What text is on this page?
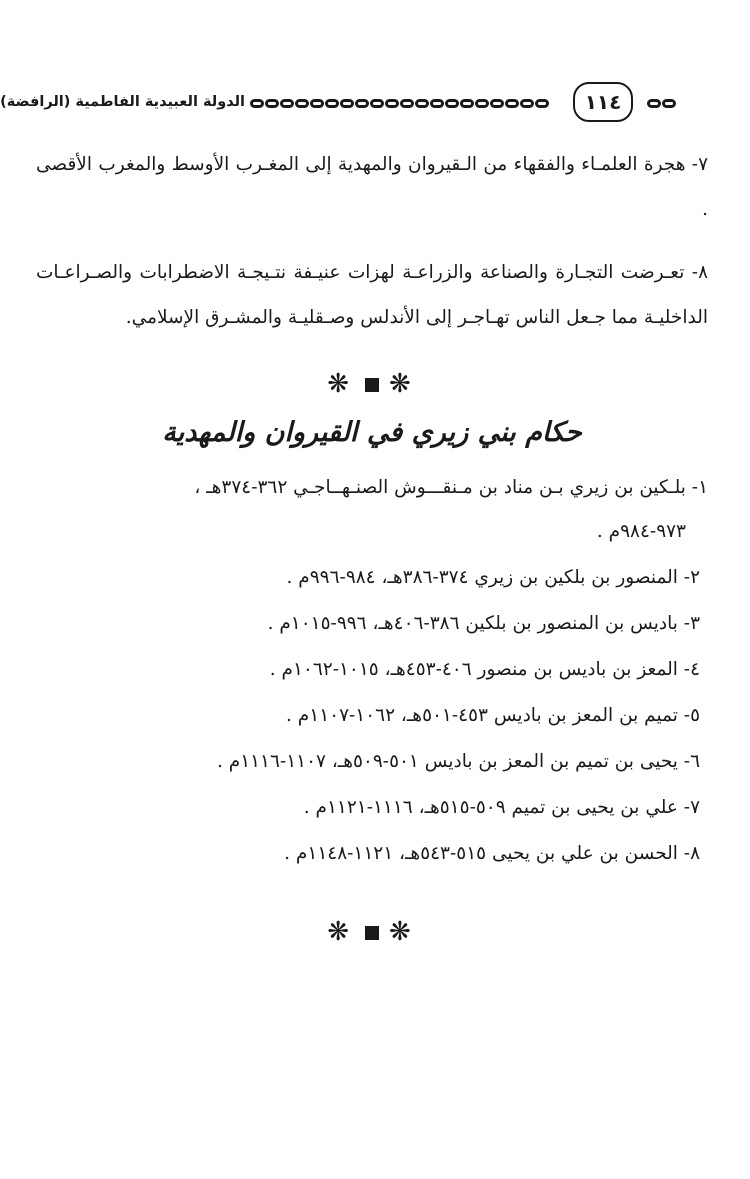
الدولة العبيدية الفاطمية (الرافضة)	١١٤

٧- هجرة العلمـاء والفقهاء من الـقيروان والمهدية إلى المغـرب الأوسط والمغرب الأقصى .

٨- تعـرضت التجـارة والصناعة والزراعـة لهزات عنيـفة نتـيجـة الاضطرابات والصـراعـات الداخليـة مما جـعل الناس تهـاجـر إلى الأندلس وصـقليـة والمشـرق الإسلامي.

❋ ❋
حكام بني زيري في القيروان والمهدية
١- بلـكين بن زيري بـن مناد بن مـنقـــوش الصنـهــاجـي ٣٦٢-٣٧٤هـ ،
٩٧٣-٩٨٤م .
٢- المنصور بن بلكين بن زيري ٣٧٤-٣٨٦هـ، ٩٨٤-٩٩٦م .
٣- باديس بن المنصور بن بلكين ٣٨٦-٤٠٦هـ، ٩٩٦-١٠١٥م .
٤- المعز بن باديس بن منصور ٤٠٦-٤٥٣هـ، ١٠١٥-١٠٦٢م .
٥- تميم بن المعز بن باديس ٤٥٣-٥٠١هـ، ١٠٦٢-١١٠٧م .
٦- يحيى بن تميم بن المعز بن باديس ٥٠١-٥٠٩هـ، ١١٠٧-١١١٦م .
٧- علي بن يحيى بن تميم ٥٠٩-٥١٥هـ، ١١١٦-١١٢١م .
٨- الحسن بن علي بن يحيى ٥١٥-٥٤٣هـ، ١١٢١-١١٤٨م .
❋ ❋
